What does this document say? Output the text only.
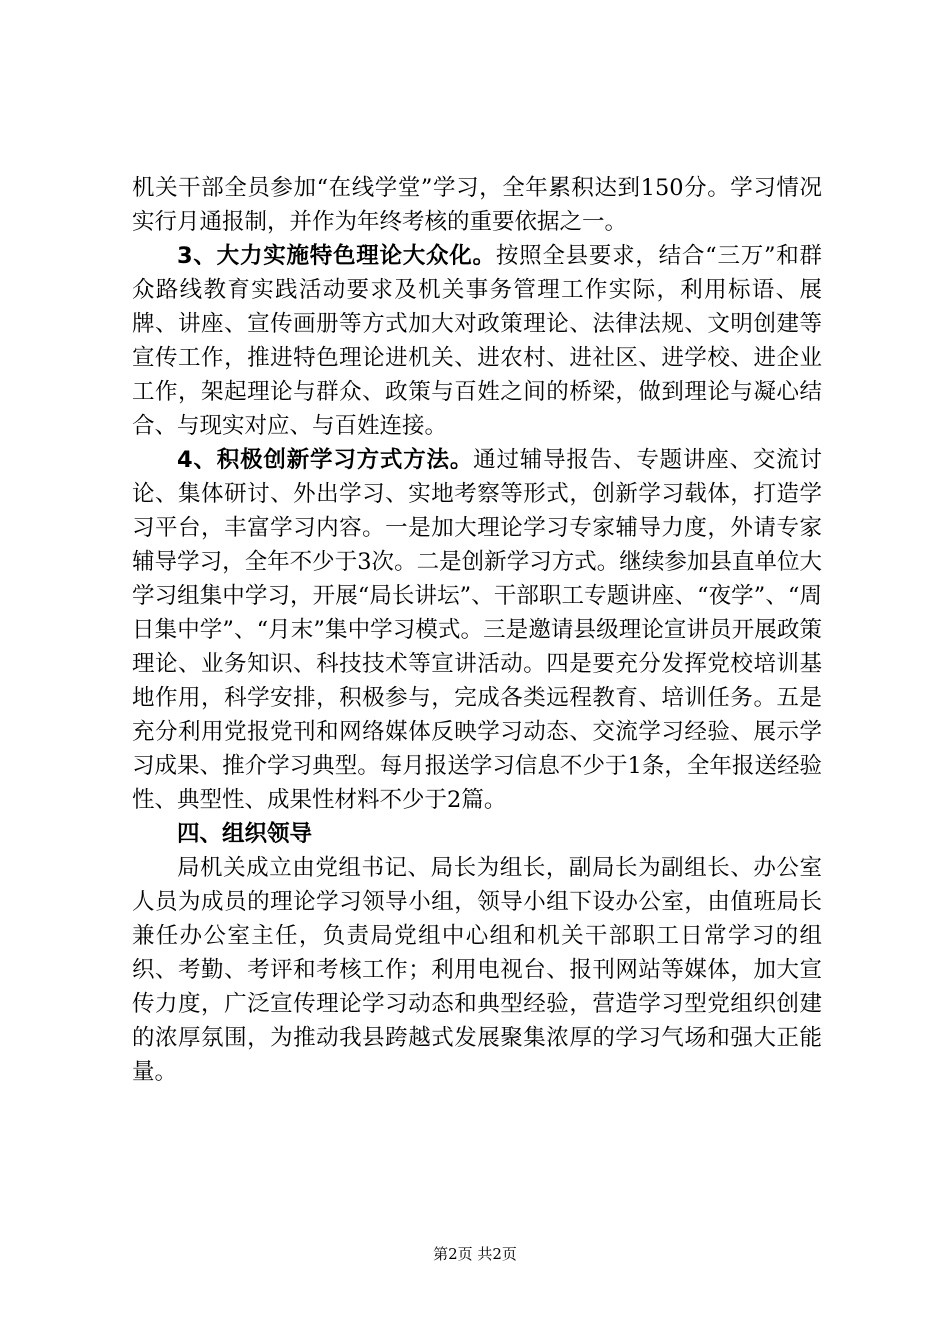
机关干部全员参加“在线学堂”学习，全年累积达到150分。学习情况实行月通报制，并作为年终考核的重要依据之一。

3、大力实施特色理论大众化。按照全县要求，结合“三万”和群众路线教育实践活动要求及机关事务管理工作实际，利用标语、展牌、讲座、宣传画册等方式加大对政策理论、法律法规、文明创建等宣传工作，推进特色理论进机关、进农村、进社区、进学校、进企业工作，架起理论与群众、政策与百姓之间的桥梁，做到理论与凝心结合、与现实对应、与百姓连接。

4、积极创新学习方式方法。通过辅导报告、专题讲座、交流讨论、集体研讨、外出学习、实地考察等形式，创新学习载体，打造学习平台，丰富学习内容。一是加大理论学习专家辅导力度，外请专家辅导学习，全年不少于3次。二是创新学习方式。继续参加县直单位大学习组集中学习，开展“局长讲坛”、干部职工专题讲座、“夜学”、“周日集中学”、“月末”集中学习模式。三是邀请县级理论宣讲员开展政策理论、业务知识、科技技术等宣讲活动。四是要充分发挥党校培训基地作用，科学安排，积极参与，完成各类远程教育、培训任务。五是充分利用党报党刊和网络媒体反映学习动态、交流学习经验、展示学习成果、推介学习典型。每月报送学习信息不少于1条，全年报送经验性、典型性、成果性材料不少于2篇。

四、组织领导

局机关成立由党组书记、局长为组长，副局长为副组长、办公室人员为成员的理论学习领导小组，领导小组下设办公室，由值班局长兼任办公室主任，负责局党组中心组和机关干部职工日常学习的组织、考勤、考评和考核工作；利用电视台、报刊网站等媒体，加大宣传力度，广泛宣传理论学习动态和典型经验，营造学习型党组织创建的浓厚氛围，为推动我县跨越式发展聚集浓厚的学习气场和强大正能量。

第2页 共2页
